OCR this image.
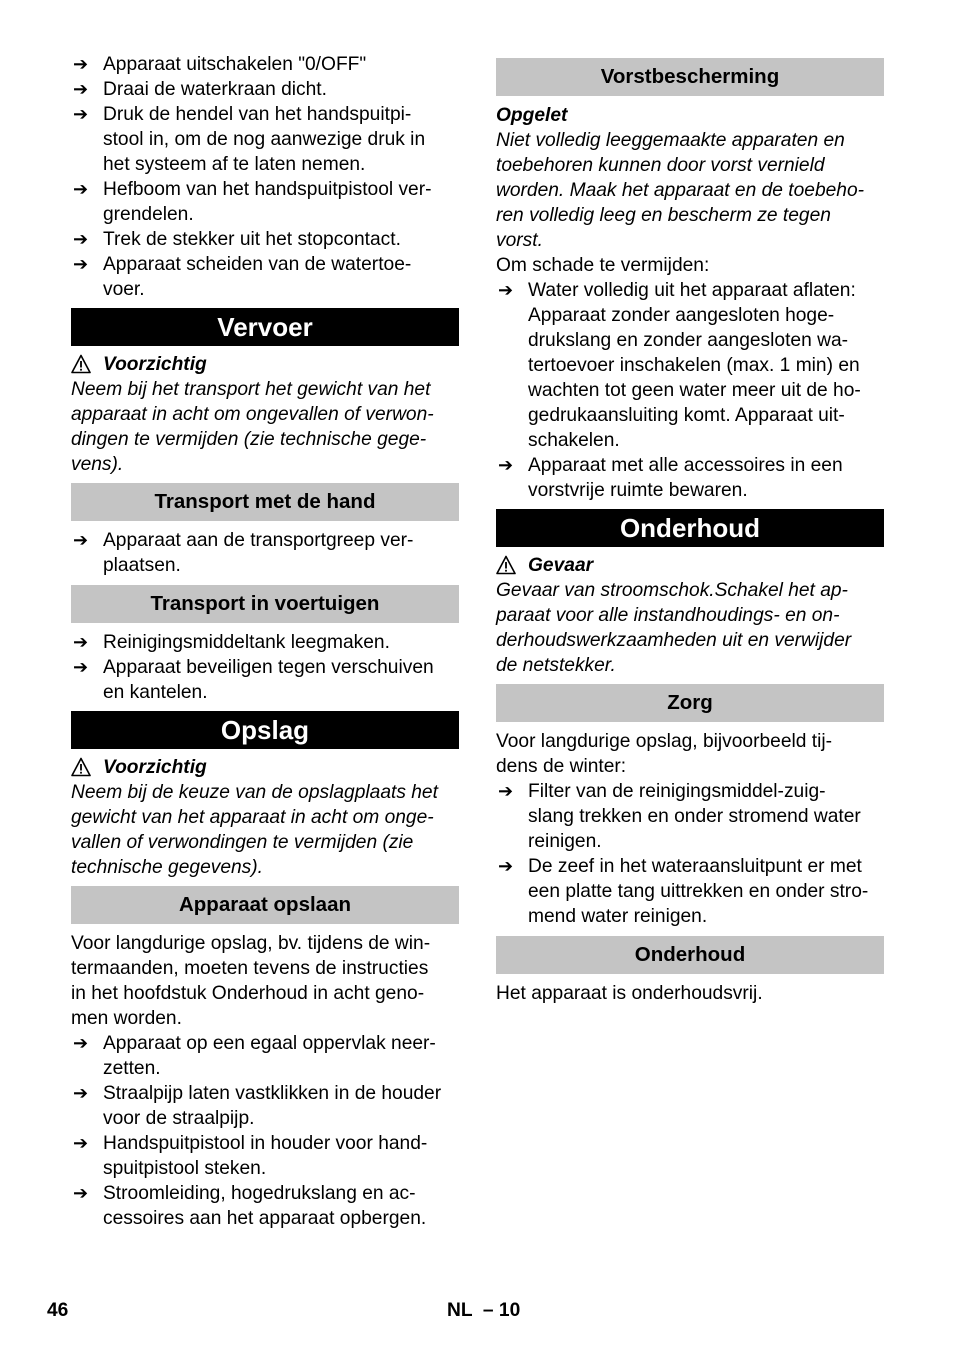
➔ Apparaat uitschakelen "0/OFF"
➔ Draai de waterkraan dicht.
➔ Druk de hendel van het handspuitpi-
stool in, om de nog aanwezige druk in
het systeem af te laten nemen.
➔ Hefboom van het handspuitpistool ver-
grendelen.
➔ Trek de stekker uit het stopcontact.
➔ Apparaat scheiden van de watertoe-
voer.
Vervoer
Voorzichtig
Neem bij het transport het gewicht van het
apparaat in acht om ongevallen of verwon-
dingen te vermijden (zie technische gege-
vens).
Transport met de hand
➔ Apparaat aan de transportgreep ver-
plaatsen.
Transport in voertuigen
➔ Reinigingsmiddeltank leegmaken.
➔ Apparaat beveiligen tegen verschuiven
en kantelen.
Opslag
Voorzichtig
Neem bij de keuze van de opslagplaats het
gewicht van het apparaat in acht om onge-
vallen of verwondingen te vermijden (zie
technische gegevens).
Apparaat opslaan
Voor langdurige opslag, bv. tijdens de win-
termaanden, moeten tevens de instructies
in het hoofdstuk Onderhoud in acht geno-
men worden.
➔ Apparaat op een egaal oppervlak neer-
zetten.
➔ Straalpijp laten vastklikken in de houder
voor de straalpijp.
➔ Handspuitpistool in houder voor hand-
spuitpistool steken.
➔ Stroomleiding, hogedrukslang en ac-
cessoires aan het apparaat opbergen.
Vorstbescherming
Opgelet
Niet volledig leeggemaakte apparaten en
toebehoren kunnen door vorst vernield
worden. Maak het apparaat en de toebeho-
ren volledig leeg en bescherm ze tegen
vorst.
Om schade te vermijden:
➔ Water volledig uit het apparaat aflaten:
Apparaat zonder aangesloten hoge-
drukslang en zonder aangesloten wa-
tertoevoer inschakelen (max. 1 min) en
wachten tot geen water meer uit de ho-
gedrukaansluiting komt. Apparaat uit-
schakelen.
➔ Apparaat met alle accessoires in een
vorstvrije ruimte bewaren.
Onderhoud
Gevaar
Gevaar van stroomschok.Schakel het ap-
paraat voor alle instandhoudings- en on-
derhoudswerkzaamheden uit en verwijder
de netstekker.
Zorg
Voor langdurige opslag, bijvoorbeeld tij-
dens de winter:
➔ Filter van de reinigingsmiddel-zuig-
slang trekken en onder stromend water
reinigen.
➔ De zeef in het wateraansluitpunt er met
een platte tang uittrekken en onder stro-
mend water reinigen.
Onderhoud
Het apparaat is onderhoudsvrij.
46	NL  – 10
